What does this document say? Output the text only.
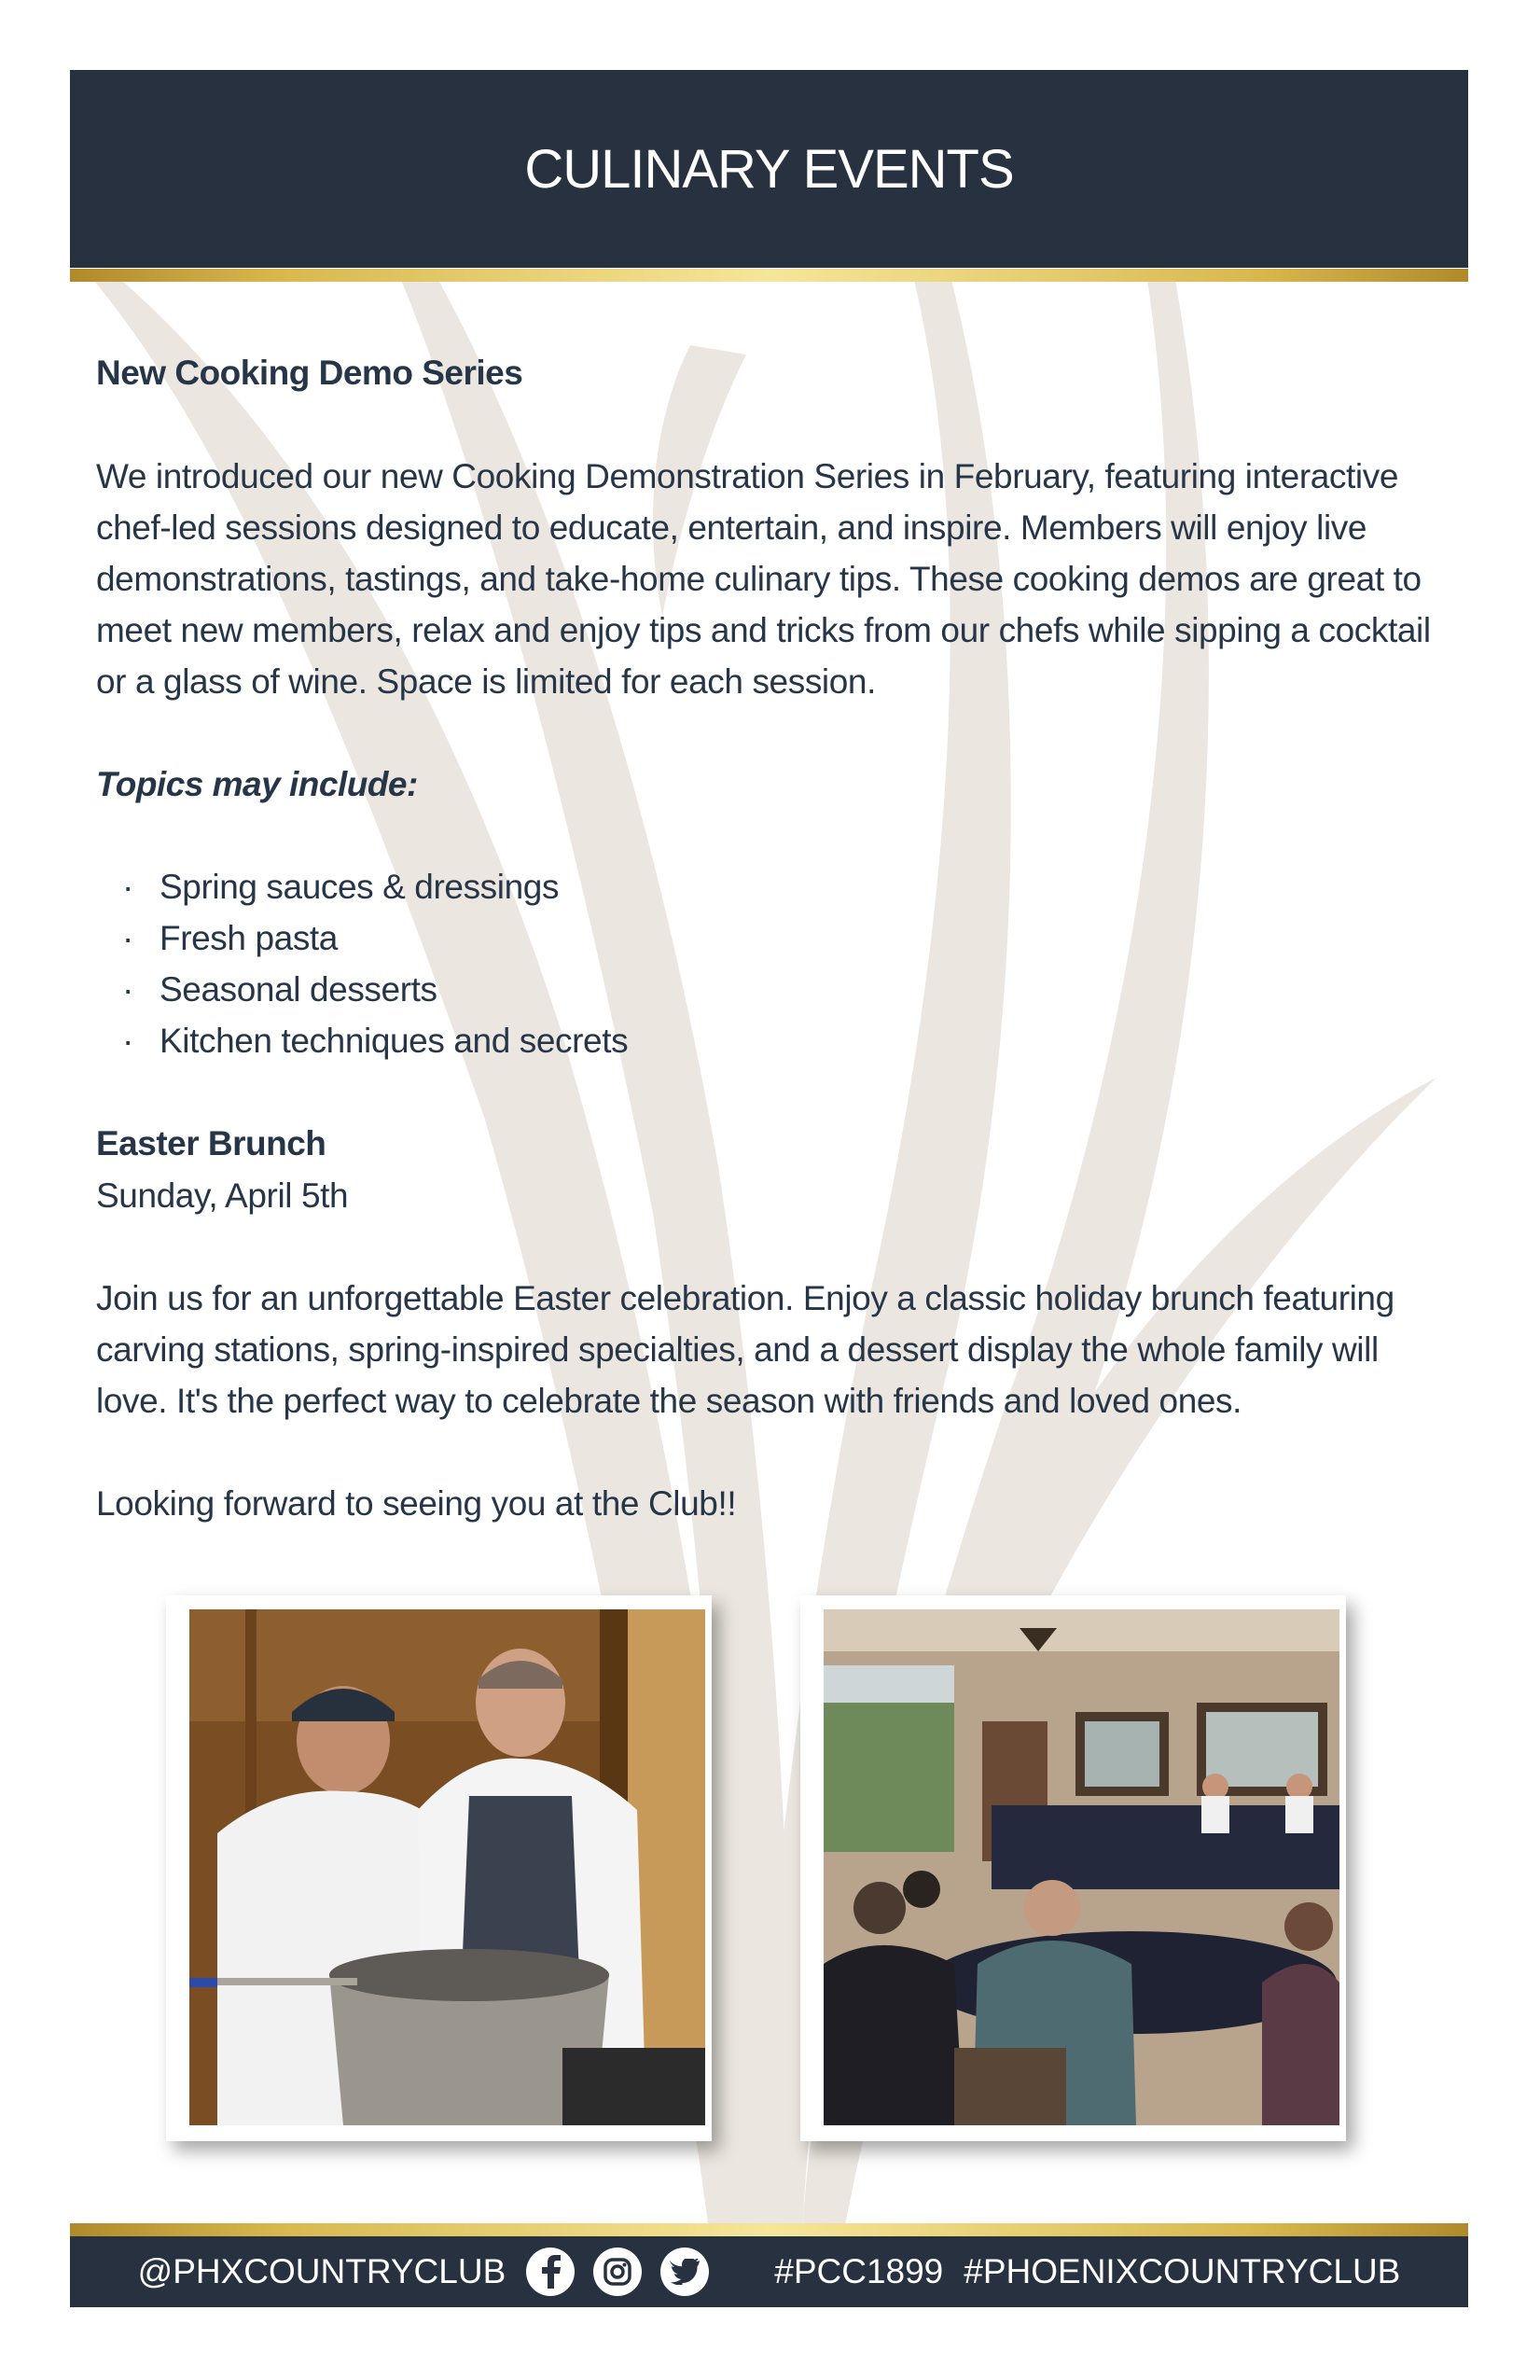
CULINARY EVENTS

New Cooking Demo Series

We introduced our new Cooking Demonstration Series in February, featuring interactive chef-led sessions designed to educate, entertain, and inspire. Members will enjoy live demonstrations, tastings, and take-home culinary tips. These cooking demos are great to meet new members, relax and enjoy tips and tricks from our chefs while sipping a cocktail or a glass of wine. Space is limited for each session.

Topics may include:

· Spring sauces & dressings
· Fresh pasta
· Seasonal desserts
· Kitchen techniques and secrets

Easter Brunch

Sunday, April 5th

Join us for an unforgettable Easter celebration. Enjoy a classic holiday brunch featuring carving stations, spring-inspired specialties, and a dessert display the whole family will love. It's the perfect way to celebrate the season with friends and loved ones.

Looking forward to seeing you at the Club!!

@PHXCOUNTRYCLUB	#PCC1899 #PHOENIXCOUNTRYCLUB
